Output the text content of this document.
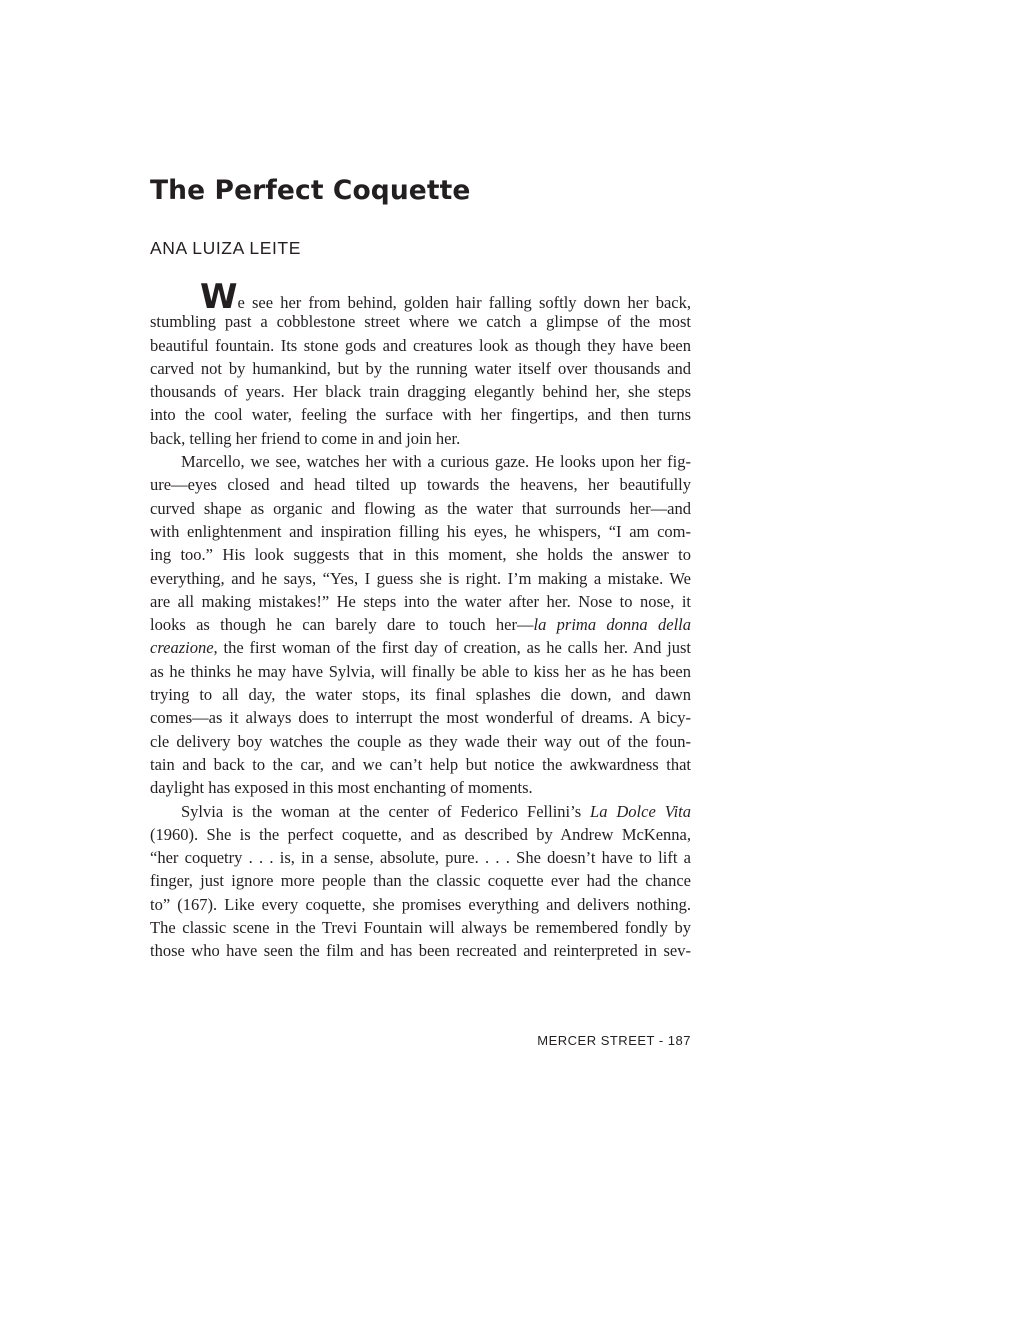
The Perfect Coquette
ANA LUIZA LEITE
We see her from behind, golden hair falling softly down her back,
stumbling past a cobblestone street where we catch a glimpse of the most
beautiful fountain. Its stone gods and creatures look as though they have been
carved not by humankind, but by the running water itself over thousands and
thousands of years. Her black train dragging elegantly behind her, she steps
into the cool water, feeling the surface with her fingertips, and then turns
back, telling her friend to come in and join her.
Marcello, we see, watches her with a curious gaze. He looks upon her fig-
ure—eyes closed and head tilted up towards the heavens, her beautifully
curved shape as organic and flowing as the water that surrounds her—and
with enlightenment and inspiration filling his eyes, he whispers, “I am com-
ing too.” His look suggests that in this moment, she holds the answer to
everything, and he says, “Yes, I guess she is right. I’m making a mistake. We
are all making mistakes!” He steps into the water after her. Nose to nose, it
looks as though he can barely dare to touch her—la prima donna della
creazione, the first woman of the first day of creation, as he calls her. And just
as he thinks he may have Sylvia, will finally be able to kiss her as he has been
trying to all day, the water stops, its final splashes die down, and dawn
comes—as it always does to interrupt the most wonderful of dreams. A bicy-
cle delivery boy watches the couple as they wade their way out of the foun-
tain and back to the car, and we can’t help but notice the awkwardness that
daylight has exposed in this most enchanting of moments.
Sylvia is the woman at the center of Federico Fellini’s La Dolce Vita
(1960). She is the perfect coquette, and as described by Andrew McKenna,
“her coquetry . . . is, in a sense, absolute, pure. . . . She doesn’t have to lift a
finger, just ignore more people than the classic coquette ever had the chance
to” (167). Like every coquette, she promises everything and delivers nothing.
The classic scene in the Trevi Fountain will always be remembered fondly by
those who have seen the film and has been recreated and reinterpreted in sev-
MERCER STREET - 187
